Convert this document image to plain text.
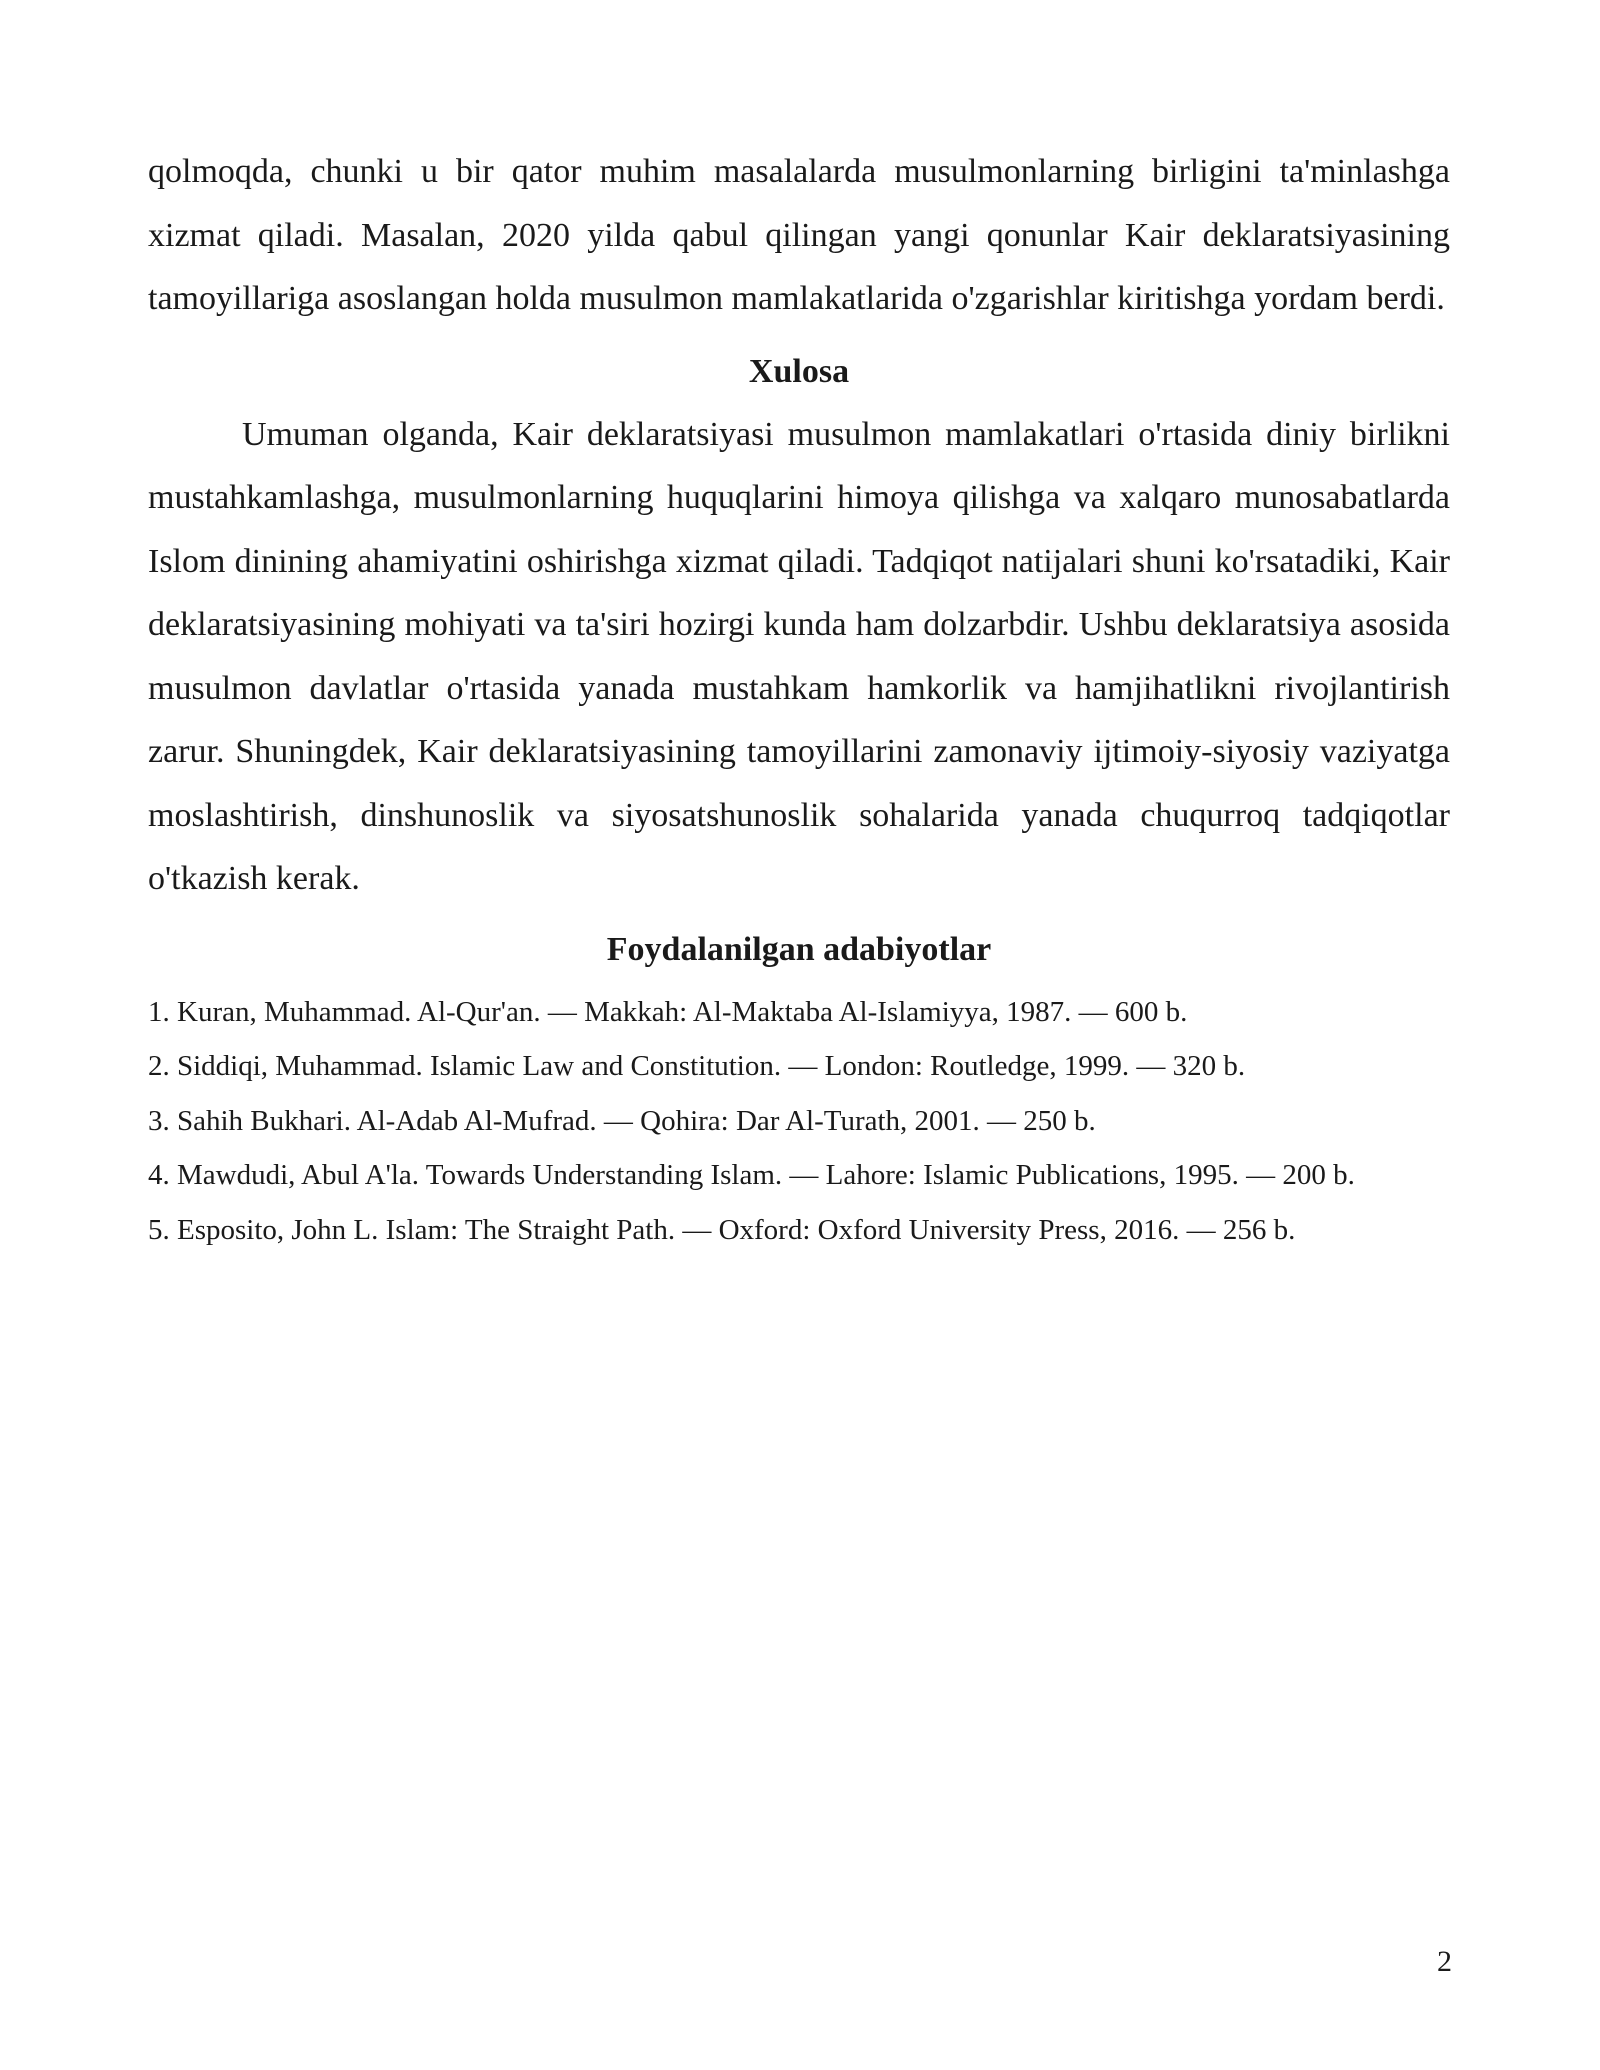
qolmoqda, chunki u bir qator muhim masalalarda musulmonlarning birligini ta'minlashga xizmat qiladi. Masalan, 2020 yilda qabul qilingan yangi qonunlar Kair deklaratsiyasining tamoyillariga asoslangan holda musulmon mamlakatlarida o'zgarishlar kiritishga yordam berdi.

Xulosa

Umuman olganda, Kair deklaratsiyasi musulmon mamlakatlari o'rtasida diniy birlikni mustahkamlashga, musulmonlarning huquqlarini himoya qilishga va xalqaro munosabatlarda Islom dinining ahamiyatini oshirishga xizmat qiladi. Tadqiqot natijalari shuni ko'rsatadiki, Kair deklaratsiyasining mohiyati va ta'siri hozirgi kunda ham dolzarbdir. Ushbu deklaratsiya asosida musulmon davlatlar o'rtasida yanada mustahkam hamkorlik va hamjihatlikni rivojlantirish zarur. Shuningdek, Kair deklaratsiyasining tamoyillarini zamonaviy ijtimoiy-siyosiy vaziyatga moslashtirish, dinshunoslik va siyosatshunoslik sohalarida yanada chuqurroq tadqiqotlar o'tkazish kerak.

Foydalanilgan adabiyotlar
1. Kuran, Muhammad. Al-Qur'an. — Makkah: Al-Maktaba Al-Islamiyya, 1987. — 600 b.
2. Siddiqi, Muhammad. Islamic Law and Constitution. — London: Routledge, 1999. — 320 b.
3. Sahih Bukhari. Al-Adab Al-Mufrad. — Qohira: Dar Al-Turath, 2001. — 250 b.
4. Mawdudi, Abul A'la. Towards Understanding Islam. — Lahore: Islamic Publications, 1995. — 200 b.
5. Esposito, John L. Islam: The Straight Path. — Oxford: Oxford University Press, 2016. — 256 b.
2
